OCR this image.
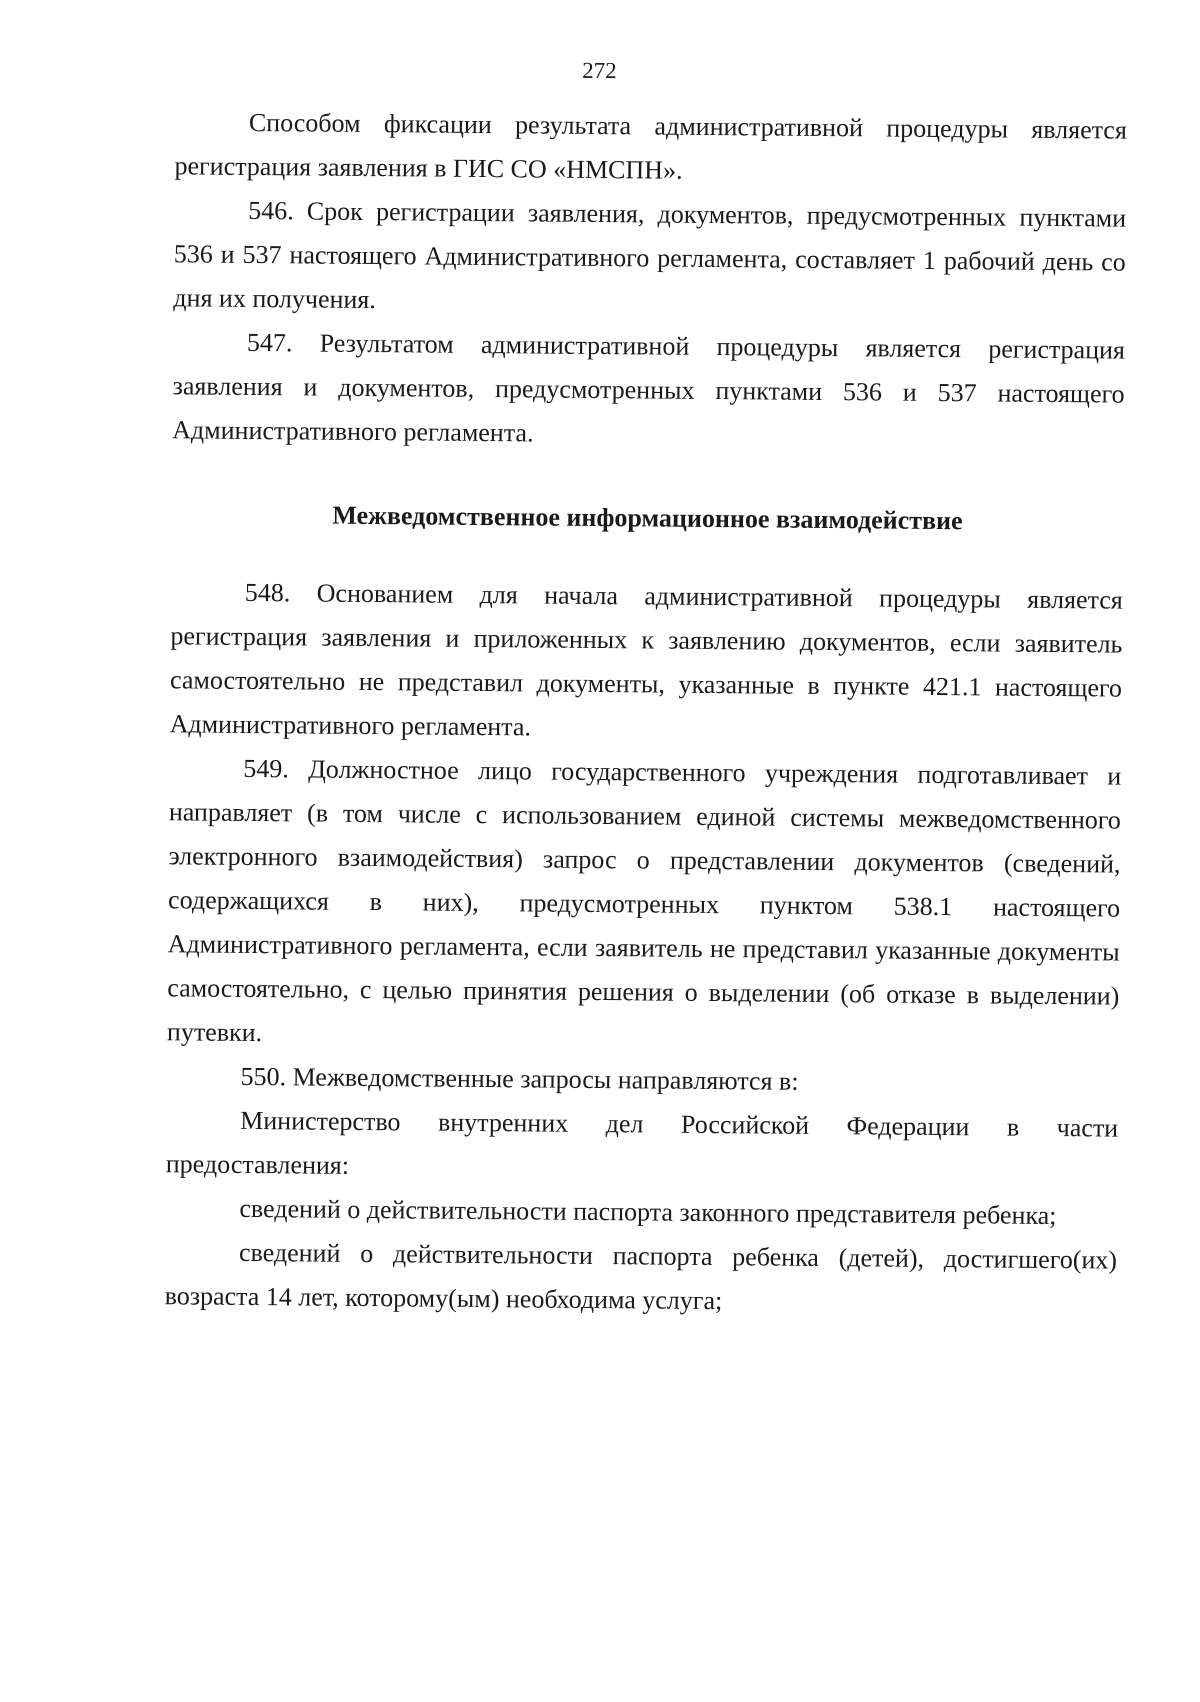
272

Способом фиксации результата административной процедуры является регистрация заявления в ГИС СО «НМСПН».

546. Срок регистрации заявления, документов, предусмотренных пунктами 536 и 537 настоящего Административного регламента, составляет 1 рабочий день со дня их получения.

547. Результатом административной процедуры является регистрация заявления и документов, предусмотренных пунктами 536 и 537 настоящего Административного регламента.

Межведомственное информационное взаимодействие

548. Основанием для начала административной процедуры является регистрация заявления и приложенных к заявлению документов, если заявитель самостоятельно не представил документы, указанные в пункте 421.1 настоящего Административного регламента.

549. Должностное лицо государственного учреждения подготавливает и направляет (в том числе с использованием единой системы межведомственного электронного взаимодействия) запрос о представлении документов (сведений, содержащихся в них), предусмотренных пунктом 538.1 настоящего Административного регламента, если заявитель не представил указанные документы самостоятельно, с целью принятия решения о выделении (об отказе в выделении) путевки.

550. Межведомственные запросы направляются в:

Министерство внутренних дел Российской Федерации в части предоставления:

сведений о действительности паспорта законного представителя ребенка;

сведений о действительности паспорта ребенка (детей), достигшего(их) возраста 14 лет, которому(ым) необходима услуга;
